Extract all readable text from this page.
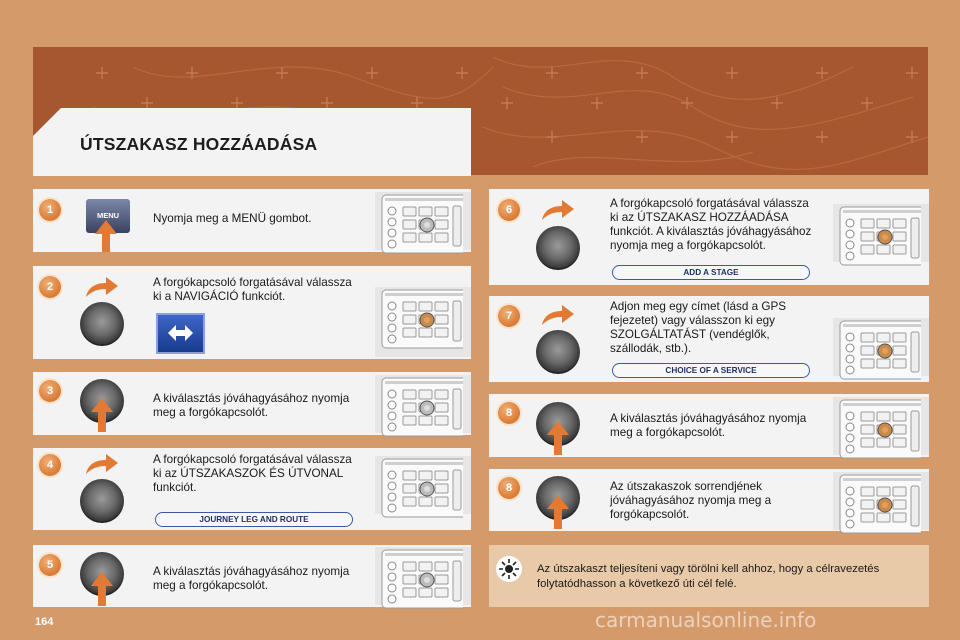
ÚTSZAKASZ HOZZÁADÁSA
1	MENU	Nyomja meg a MENÜ gombot.
2	A forgókapcsoló forgatásával válassza
ki a NAVIGÁCIÓ funkciót.
3
A kiválasztás jóváhagyásához nyomja
meg a forgókapcsolót.
4	A forgókapcsoló forgatásával válassza
ki az ÚTSZAKASZOK ÉS ÚTVONAL
funkciót.
JOURNEY LEG AND ROUTE
5	A kiválasztás jóváhagyásához nyomja
meg a forgókapcsolót.
6	A forgókapcsoló forgatásával válassza
ki az ÚTSZAKASZ HOZZÁADÁSA
funkciót. A kiválasztás jóváhagyásához
nyomja meg a forgókapcsolót.
ADD A STAGE
7
Adjon meg egy címet (lásd a GPS
fejezetet) vagy válasszon ki egy
SZOLGÁLTATÁST (vendéglők,
szállodák, stb.).
CHOICE OF A SERVICE
8	A kiválasztás jóváhagyásához nyomja
meg a forgókapcsolót.
8	Az útszakaszok sorrendjének
jóváhagyásához nyomja meg a
forgókapcsolót.
Az útszakaszt teljesíteni vagy törölni kell ahhoz, hogy a célravezetés
folytatódhasson a következő úti cél felé.
164	carmanualsonline.info
